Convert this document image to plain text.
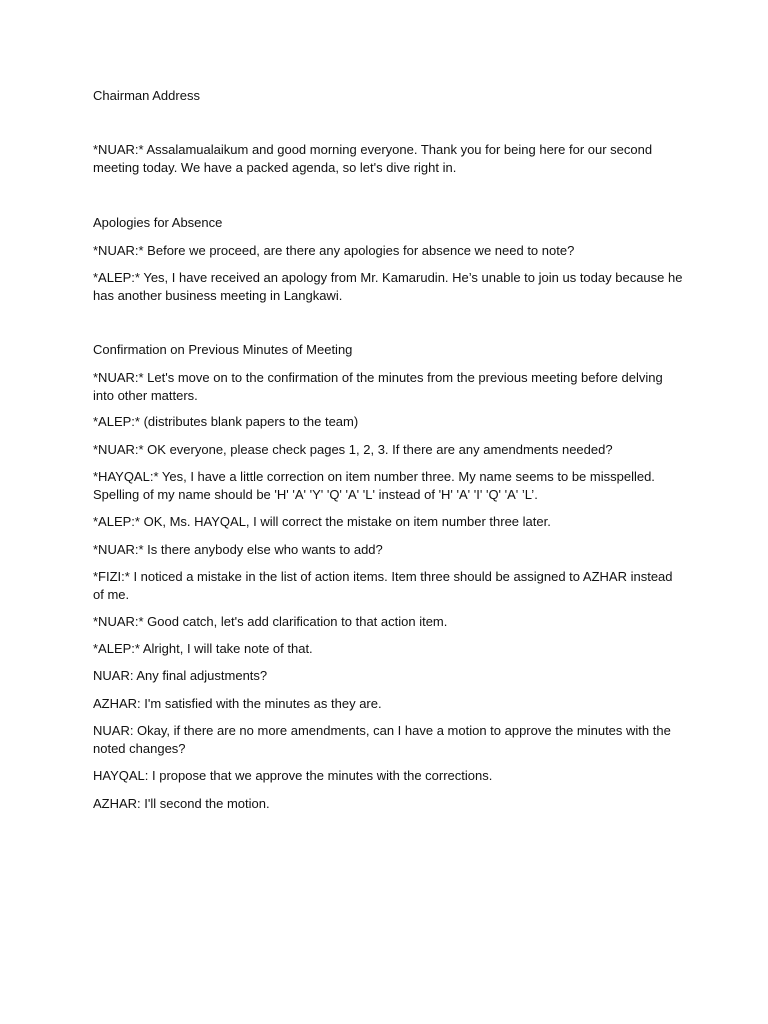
Chairman Address

*NUAR:* Assalamualaikum and good morning everyone. Thank you for being here for our second meeting today. We have a packed agenda, so let's dive right in.

Apologies for Absence

*NUAR:* Before we proceed, are there any apologies for absence we need to note?

*ALEP:* Yes, I have received an apology from Mr. Kamarudin. He’s unable to join us today because he has another business meeting in Langkawi.

Confirmation on Previous Minutes of Meeting

*NUAR:* Let's move on to the confirmation of the minutes from the previous meeting before delving into other matters.

*ALEP:* (distributes blank papers to the team)

*NUAR:* OK everyone, please check pages 1, 2, 3. If there are any amendments needed?

*HAYQAL:* Yes, I have a little correction on item number three. My name seems to be misspelled. Spelling of my name should be 'H' 'A' 'Y' 'Q' 'A' 'L' instead of 'H' 'A' 'I' 'Q' 'A' ’L’.

*ALEP:* OK, Ms. HAYQAL, I will correct the mistake on item number three later.

*NUAR:* Is there anybody else who wants to add?

*FIZI:* I noticed a mistake in the list of action items. Item three should be assigned to AZHAR instead of me.

*NUAR:* Good catch, let's add clarification to that action item.

*ALEP:* Alright, I will take note of that.

NUAR: Any final adjustments?

AZHAR: I'm satisfied with the minutes as they are.

NUAR: Okay, if there are no more amendments, can I have a motion to approve the minutes with the noted changes?

HAYQAL: I propose that we approve the minutes with the corrections.

AZHAR: I'll second the motion.
